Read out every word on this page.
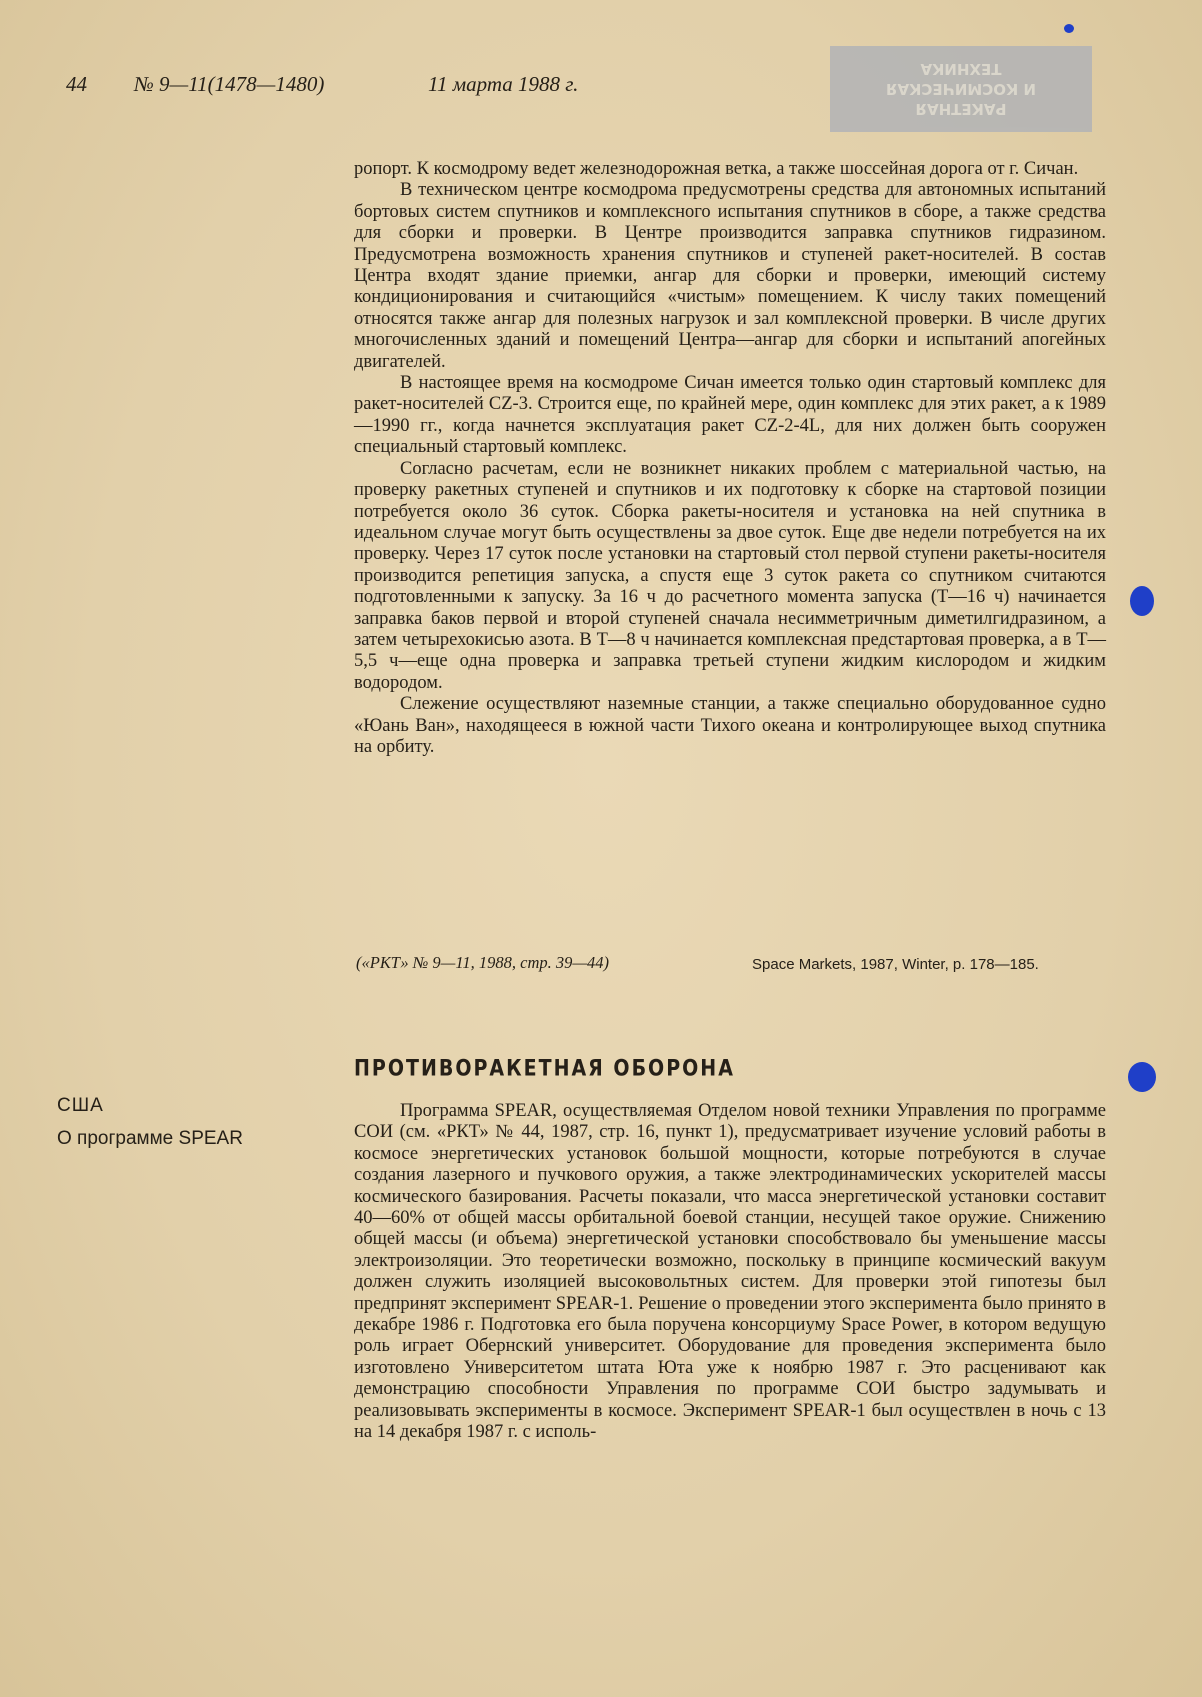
44 № 9—11(1478—1480)	11 марта 1988 г.
РАКЕТНАЯ
И КОСМИЧЕСКАЯ
ТЕХНИКА

ропорт. К космодрому ведет железнодорожная ветка, а также шоссейная дорога от г. Сичан.

В техническом центре космодрома предусмотрены средства для автономных испытаний бортовых систем спутников и комплексного испытания спутников в сборе, а также средства для сборки и проверки. В Центре производится заправка спутников гидразином. Предусмотрена возможность хранения спутников и ступеней ракет-носителей. В состав Центра входят здание приемки, ангар для сборки и проверки, имеющий систему кондиционирования и считающийся «чистым» помещением. К числу таких помещений относятся также ангар для полезных нагрузок и зал комплексной проверки. В числе других многочисленных зданий и помещений Центра—ангар для сборки и испытаний апогейных двигателей.

В настоящее время на космодроме Сичан имеется только один стартовый комплекс для ракет-носителей CZ-3. Строится еще, по крайней мере, один комплекс для этих ракет, а к 1989—1990 гг., когда начнется эксплуатация ракет CZ-2-4L, для них должен быть сооружен специальный стартовый комплекс.

Согласно расчетам, если не возникнет никаких проблем с материальной частью, на проверку ракетных ступеней и спутников и их подготовку к сборке на стартовой позиции потребуется около 36 суток. Сборка ракеты-носителя и установка на ней спутника в идеальном случае могут быть осуществлены за двое суток. Еще две недели потребуется на их проверку. Через 17 суток после установки на стартовый стол первой ступени ракеты-носителя производится репетиция запуска, а спустя еще 3 суток ракета со спутником считаются подготовленными к запуску. За 16 ч до расчетного момента запуска (Т—16 ч) начинается заправка баков первой и второй ступеней сначала несимметричным диметилгидразином, а затем четырехокисью азота. В Т—8 ч начинается комплексная предстартовая проверка, а в Т—5,5 ч—еще одна проверка и заправка третьей ступени жидким кислородом и жидким водородом.

Слежение осуществляют наземные станции, а также специально оборудованное судно «Юань Ван», находящееся в южной части Тихого океана и контролирующее выход спутника на орбиту.

(«РКТ» № 9—11, 1988, стр. 39—44)	Space Markets, 1987, Winter, p. 178—185.
ПРОТИВОРАКЕТНАЯ ОБОРОНА
США
О программе SPEAR

Программа SPEAR, осуществляемая Отделом новой техники Управления по программе СОИ (см. «РКТ» № 44, 1987, стр. 16, пункт 1), предусматривает изучение условий работы в космосе энергетических установок большой мощности, которые потребуются в случае создания лазерного и пучкового оружия, а также электродинамических ускорителей массы космического базирования. Расчеты показали, что масса энергетической установки составит 40—60% от общей массы орбитальной боевой станции, несущей такое оружие. Снижению общей массы (и объема) энергетической установки способствовало бы уменьшение массы электроизоляции. Это теоретически возможно, поскольку в принципе космический вакуум должен служить изоляцией высоковольтных систем. Для проверки этой гипотезы был предпринят эксперимент SPEAR-1. Решение о проведении этого эксперимента было принято в декабре 1986 г. Подготовка его была поручена консорциуму Space Power, в котором ведущую роль играет Обернский университет. Оборудование для проведения эксперимента было изготовлено Университетом штата Юта уже к ноябрю 1987 г. Это расценивают как демонстрацию способности Управления по программе СОИ быстро задумывать и реализовывать эксперименты в космосе. Эксперимент SPEAR-1 был осуществлен в ночь с 13 на 14 декабря 1987 г. с исполь-
